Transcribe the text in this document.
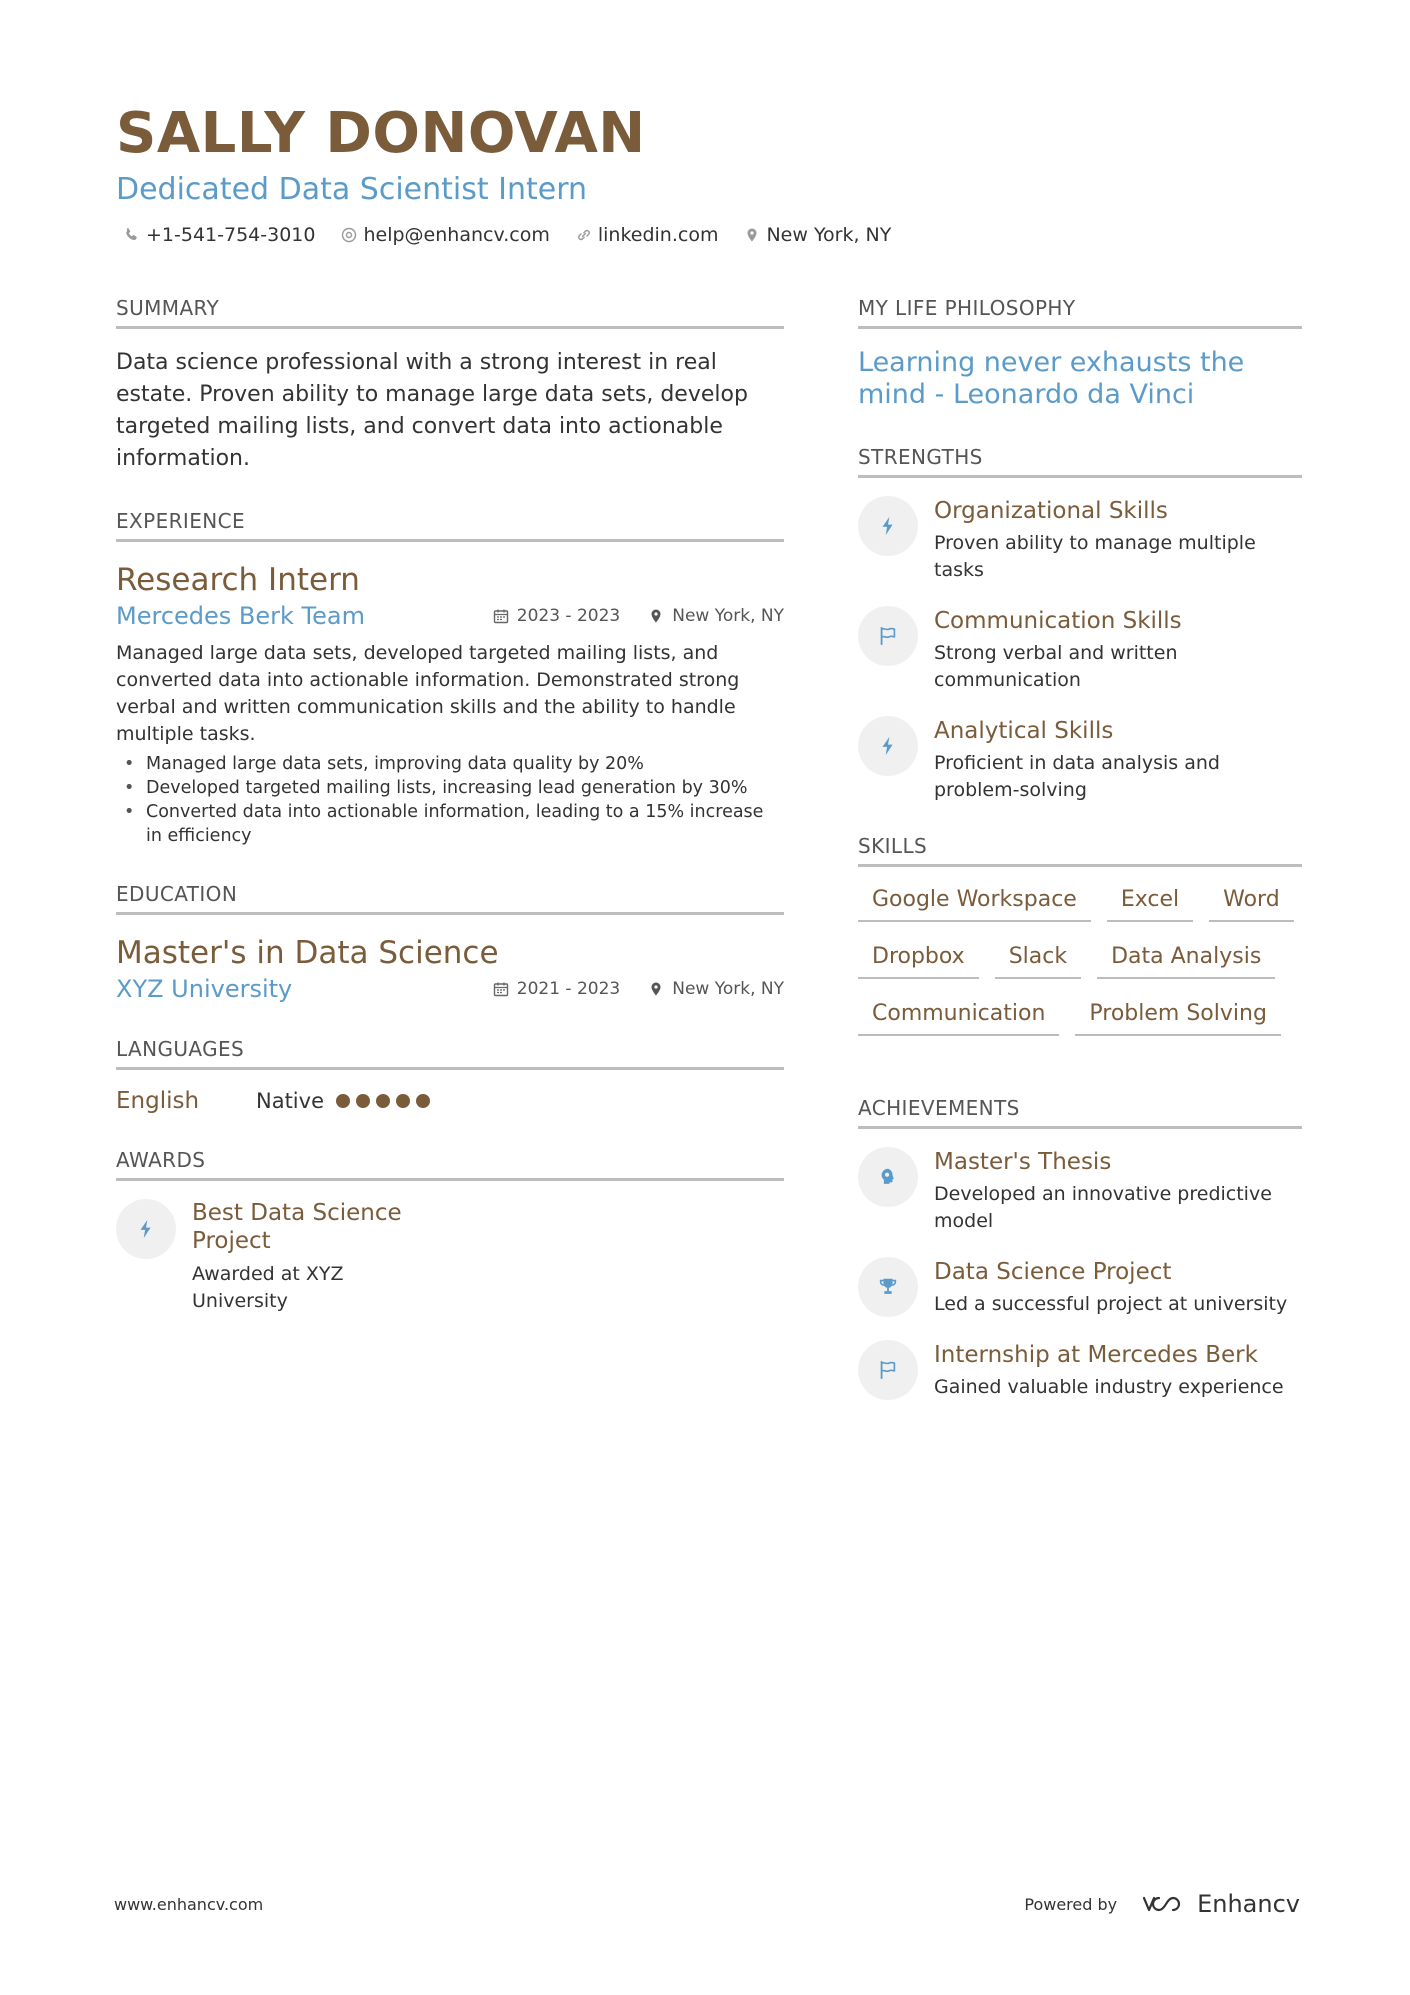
SALLY DONOVAN
Dedicated Data Scientist Intern
+1-541-754-3010	help@enhancv.com	linkedin.com	New York, NY
SUMMARY
Data science professional with a strong interest in real estate. Proven ability to manage large data sets, develop targeted mailing lists, and convert data into actionable information.
EXPERIENCE
Research Intern
Mercedes Berk Team	2023 - 2023	New York, NY
Managed large data sets, developed targeted mailing lists, and converted data into actionable information. Demonstrated strong verbal and written communication skills and the ability to handle multiple tasks.
• Managed large data sets, improving data quality by 20%
• Developed targeted mailing lists, increasing lead generation by 30%
• Converted data into actionable information, leading to a 15% increase in efficiency
EDUCATION
Master's in Data Science
XYZ University	2021 - 2023	New York, NY
LANGUAGES
English	Native
AWARDS
Best Data Science Project
Awarded at XYZ University
MY LIFE PHILOSOPHY
Learning never exhausts the mind - Leonardo da Vinci
STRENGTHS
Organizational Skills
Proven ability to manage multiple tasks
Communication Skills
Strong verbal and written communication
Analytical Skills
Proficient in data analysis and problem-solving
SKILLS
Google Workspace	Excel	Word
Dropbox	Slack	Data Analysis
Communication	Problem Solving
ACHIEVEMENTS
Master's Thesis
Developed an innovative predictive model
Data Science Project
Led a successful project at university
Internship at Mercedes Berk
Gained valuable industry experience
www.enhancv.com	Powered by	Enhancv
